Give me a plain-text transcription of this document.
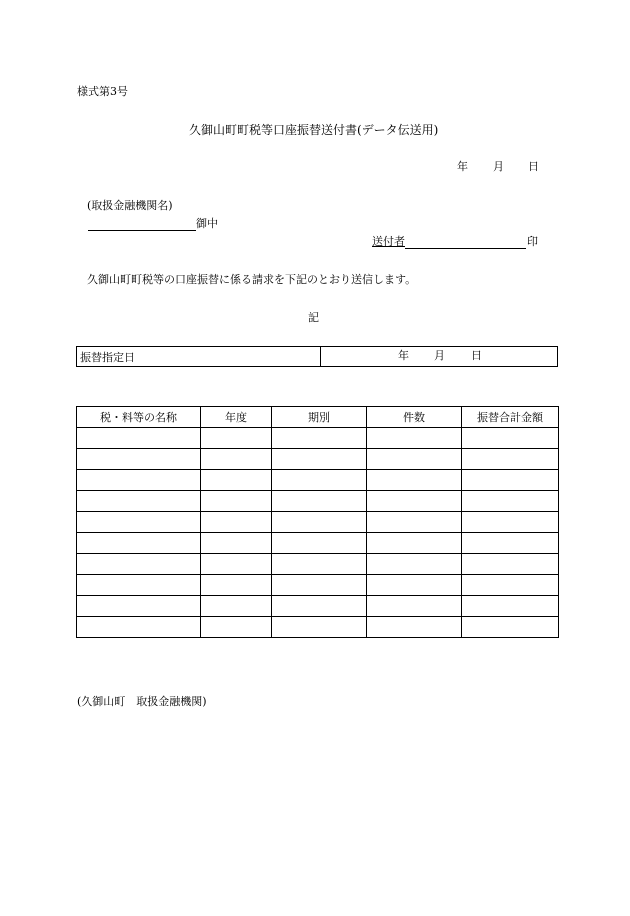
様式第3号
久御山町町税等口座振替送付書(データ伝送用)
年 月 日
(取扱金融機関名)
御中
送付者	印
久御山町町税等の口座振替に係る請求を下記のとおり送信します。
記
振替指定日	年 月 日
税・料等の名称	年度	期別	件数	振替合計金額

(久御山町　取扱金融機関)
